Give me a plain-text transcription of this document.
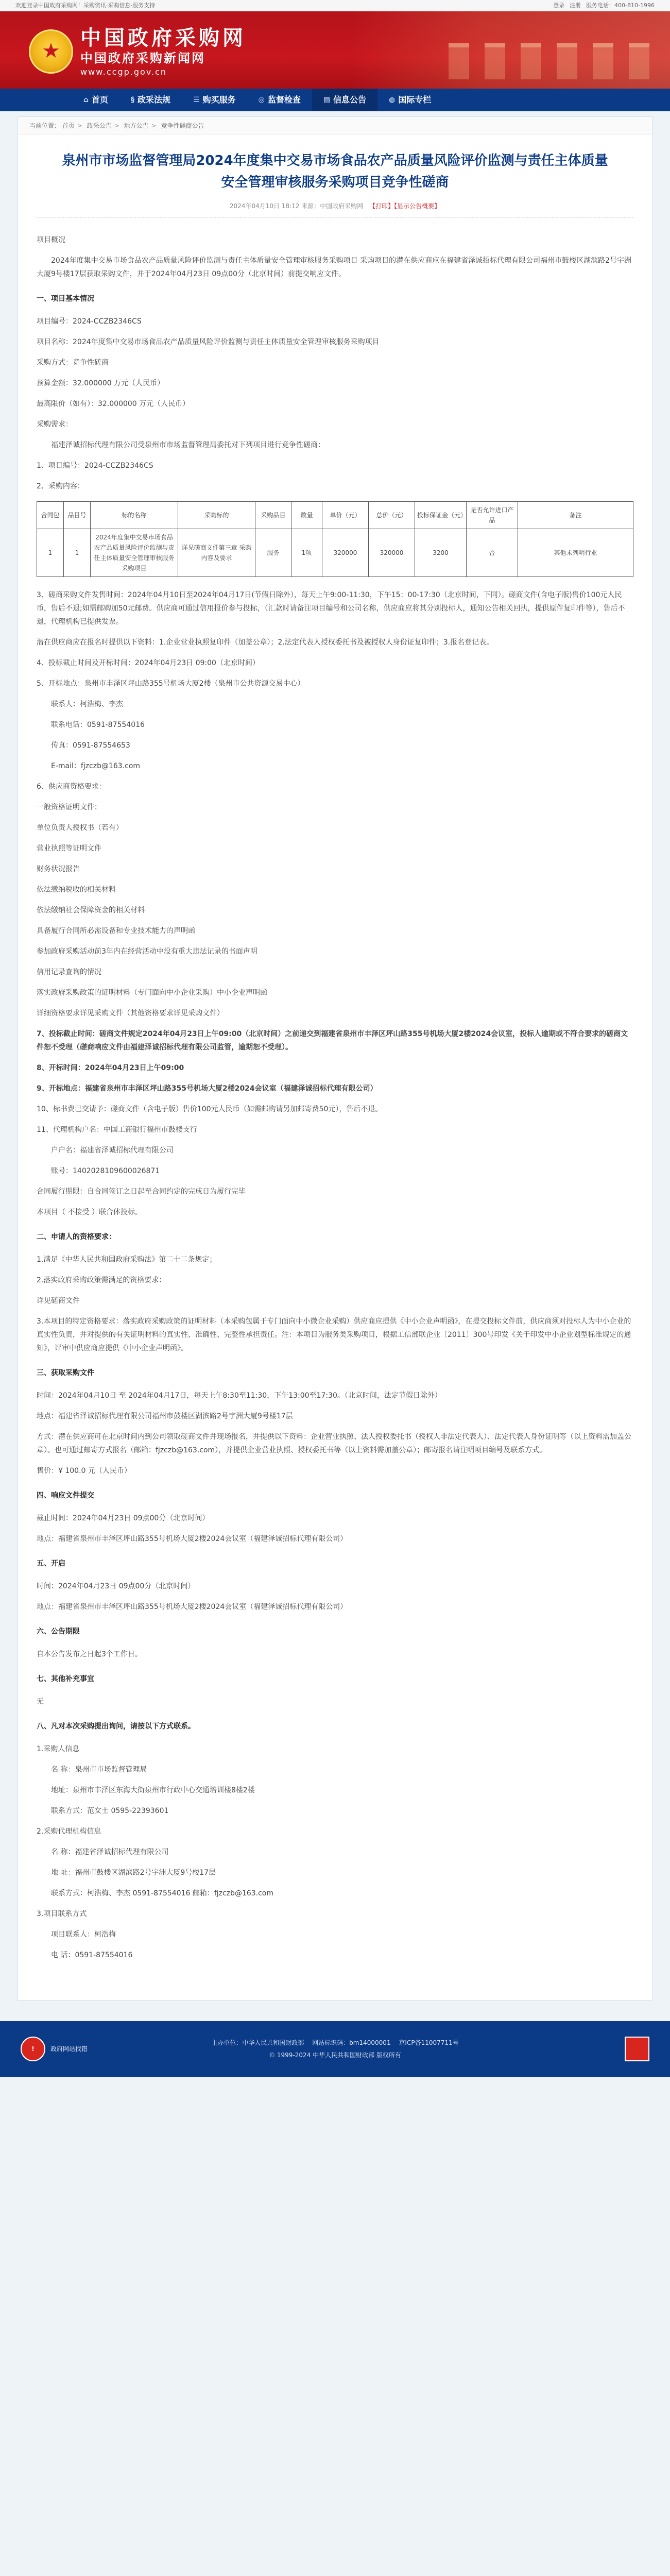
欢迎登录中国政府采购网！采购资讯·采购信息·服务支持	登录 注册 服务电话：400-810-1996
★
中国政府采购网
中国政府采购新闻网
www.ccgp.gov.cn
⌂ 首页	§ 政采法规	☰ 购买服务	◎ 监督检查	▤ 信息公告	◍ 国际专栏
当前位置： 首页 > 政采公告 > 地方公告 > 竞争性磋商公告
泉州市市场监督管理局2024年度集中交易市场食品农产品质量风险评价监测与责任主体质量安全管理审核服务采购项目竞争性磋商
2024年04月10日 18:12 来源：中国政府采购网 【打印】【显示公告概要】

项目概况

2024年度集中交易市场食品农产品质量风险评价监测与责任主体质量安全管理审核服务采购项目 采购项目的潜在供应商应在福建省泽诚招标代理有限公司福州市鼓楼区湖滨路2号宇洲大厦9号楼17层获取采购文件，并于2024年04月23日 09点00分（北京时间）前提交响应文件。

一、项目基本情况

项目编号：2024-CCZB2346CS

项目名称：2024年度集中交易市场食品农产品质量风险评价监测与责任主体质量安全管理审核服务采购项目

采购方式：竞争性磋商

预算金额：32.000000 万元（人民币）

最高限价（如有）：32.000000 万元（人民币）

采购需求：

福建泽诚招标代理有限公司受泉州市市场监督管理局委托对下列项目进行竞争性磋商：

1、项目编号：2024-CCZB2346CS

2、采购内容：

合同包	品目号	标的名称	采购标的	采购品目	数量	单价（元）	总价（元）	投标保证金（元）	是否允许进口产品	备注
1	1	2024年度集中交易市场食品农产品质量风险评价监测与责任主体质量安全管理审核服务采购项目	详见磋商文件第三章 采购内容及要求	服务	1项	320000	320000	3200	否	其他未列明行业

3、磋商采购文件发售时间：2024年04月10日至2024年04月17日(节假日除外），每天上午9:00-11:30，下午15：00-17:30（北京时间，下同）。磋商文件(含电子版)售价100元人民币，售后不退;如需邮购加50元邮费。供应商可通过信用报价参与投标，（汇款时请备注项目编号和公司名称，供应商应将其分别投标人，通知公告相关回执，提供原件复印件等），售后不退，代理机构已提供发票。

潜在供应商应在报名时提供以下资料：1.企业营业执照复印件（加盖公章）；2.法定代表人授权委托书及被授权人身份证复印件；3.报名登记表。

4、投标截止时间及开标时间：2024年04月23日 09:00（北京时间）

5、开标地点：泉州市丰泽区坪山路355号机场大厦2楼（泉州市公共资源交易中心）

联系人：柯浩梅、李杰

联系电话：0591-87554016

传真：0591-87554653

E-mail：fjzczb@163.com

6、供应商资格要求：

一般资格证明文件：

单位负责人授权书（若有）

营业执照等证明文件

财务状况报告

依法缴纳税收的相关材料

依法缴纳社会保障资金的相关材料

具备履行合同所必需设备和专业技术能力的声明函

参加政府采购活动前3年内在经营活动中没有重大违法记录的书面声明

信用记录查询的情况

落实政府采购政策的证明材料（专门面向中小企业采购）中小企业声明函

详细资格要求详见采购文件（其他资格要求详见采购文件）

7、投标截止时间：磋商文件规定2024年04月23日上午09:00（北京时间）之前递交到福建省泉州市丰泽区坪山路355号机场大厦2楼2024会议室，投标人逾期或不符合要求的磋商文件恕不受理（磋商响应文件由福建泽诚招标代理有限公司监管，逾期恕不受理）。

8、开标时间：2024年04月23日上午09:00

9、开标地点：福建省泉州市丰泽区坪山路355号机场大厦2楼2024会议室（福建泽诚招标代理有限公司）

10、标书费已交请予：磋商文件（含电子版）售价100元人民币（如需邮购请另加邮寄费50元），售后不退。

11、代理机构户名：中国工商银行福州市鼓楼支行

户户名：福建省泽诚招标代理有限公司

账号：1402028109600026871

合同履行期限：自合同签订之日起至合同约定的完成日为履行完毕

本项目（ 不接受 ）联合体投标。

二、申请人的资格要求：

1.满足《中华人民共和国政府采购法》第二十二条规定；

2.落实政府采购政策需满足的资格要求：

详见磋商文件

3.本项目的特定资格要求：落实政府采购政策的证明材料（本采购包属于专门面向中小微企业采购）供应商应提供《中小企业声明函》，在提交投标文件前，供应商须对投标人为中小企业的真实性负责，并对提供的有关证明材料的真实性、准确性、完整性承担责任。注：本项目为服务类采购项目，根据工信部联企业〔2011〕300号印发《关于印发中小企业划型标准规定的通知》，评审中供应商应提供《中小企业声明函》。

三、获取采购文件

时间：2024年04月10日 至 2024年04月17日，每天上午8:30至11:30，下午13:00至17:30。（北京时间，法定节假日除外）

地点：福建省泽诚招标代理有限公司福州市鼓楼区湖滨路2号宇洲大厦9号楼17层

方式：潜在供应商可在北京时间内到公司领取磋商文件并现场报名，并提供以下资料：企业营业执照、法人授权委托书（授权人非法定代表人）、法定代表人身份证明等（以上资料需加盖公章）。也可通过邮寄方式报名（邮箱：fjzczb@163.com），并提供企业营业执照、授权委托书等（以上资料需加盖公章）；邮寄报名请注明项目编号及联系方式。

售价：¥ 100.0 元（人民币）

四、响应文件提交

截止时间：2024年04月23日 09点00分（北京时间）

地点：福建省泉州市丰泽区坪山路355号机场大厦2楼2024会议室（福建泽诚招标代理有限公司）

五、开启

时间：2024年04月23日 09点00分（北京时间）

地点：福建省泉州市丰泽区坪山路355号机场大厦2楼2024会议室（福建泽诚招标代理有限公司）

六、公告期限

自本公告发布之日起3个工作日。

七、其他补充事宜

无

八、凡对本次采购提出询问，请按以下方式联系。

1.采购人信息

名 称：泉州市市场监督管理局

地址：泉州市丰泽区东海大街泉州市行政中心交通培训楼8楼2楼

联系方式：范女士 0595-22393601

2.采购代理机构信息

名 称：福建省泽诚招标代理有限公司

地 址：福州市鼓楼区湖滨路2号宇洲大厦9号楼17层

联系方式：柯浩梅、李杰 0591-87554016 邮箱：fjzczb@163.com

3.项目联系方式

项目联系人：柯浩梅

电 话：0591-87554016

!	政府网站找错
主办单位：中华人民共和国财政部 网站标识码：bm14000001 京ICP备11007711号
© 1999-2024 中华人民共和国财政部 版权所有
